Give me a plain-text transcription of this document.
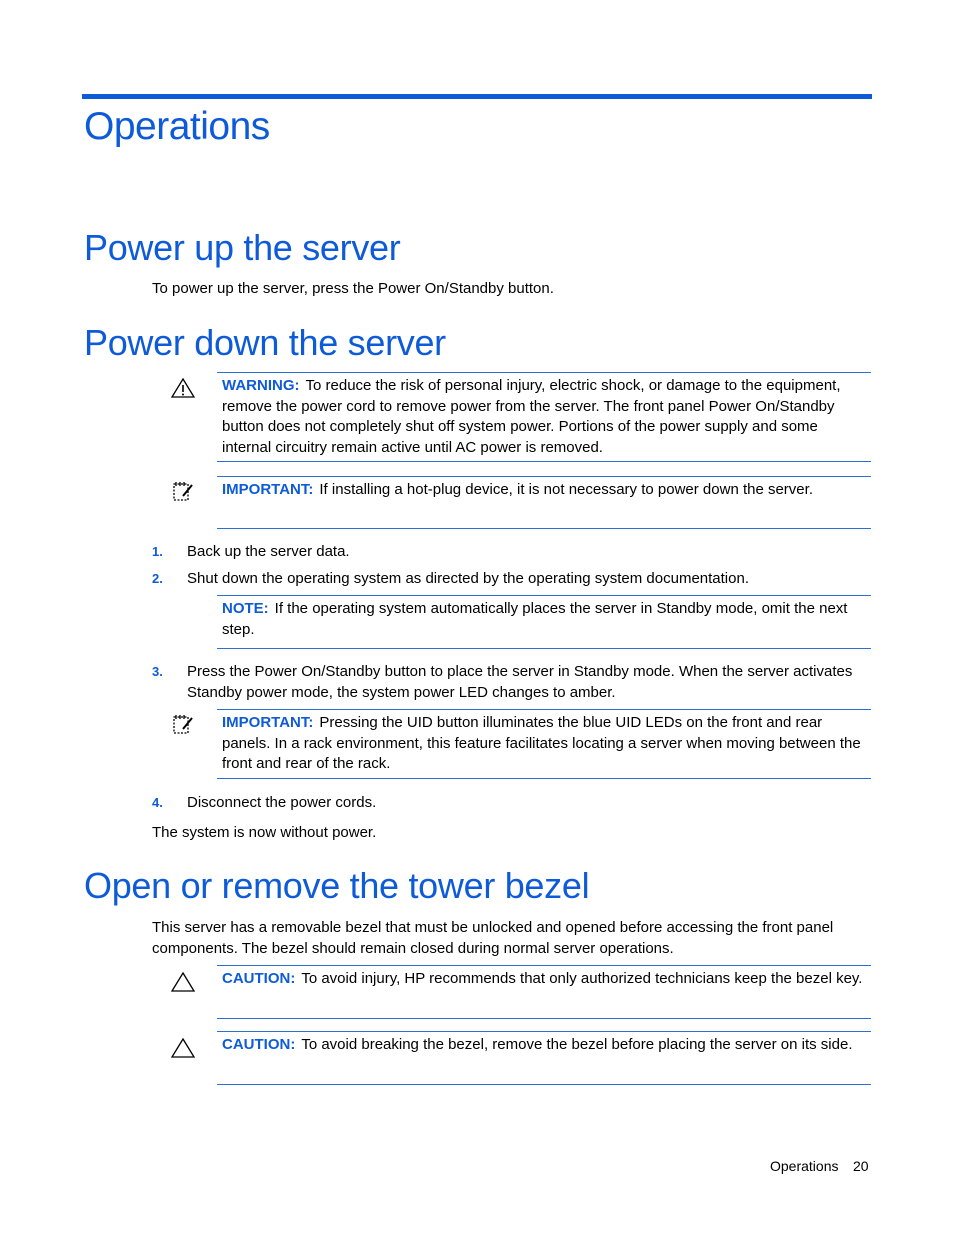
Operations
Power up the server

To power up the server, press the Power On/Standby button.

Power down the server

WARNING: To reduce the risk of personal injury, electric shock, or damage to the equipment, remove the power cord to remove power from the server. The front panel Power On/Standby button does not completely shut off system power. Portions of the power supply and some internal circuitry remain active until AC power is removed.

IMPORTANT: If installing a hot-plug device, it is not necessary to power down the server.

1. Back up the server data.

2. Shut down the operating system as directed by the operating system documentation.

NOTE: If the operating system automatically places the server in Standby mode, omit the next step.

3. Press the Power On/Standby button to place the server in Standby mode. When the server activates Standby power mode, the system power LED changes to amber.

IMPORTANT: Pressing the UID button illuminates the blue UID LEDs on the front and rear panels. In a rack environment, this feature facilitates locating a server when moving between the front and rear of the rack.

4. Disconnect the power cords.

The system is now without power.

Open or remove the tower bezel

This server has a removable bezel that must be unlocked and opened before accessing the front panel components. The bezel should remain closed during normal server operations.

CAUTION: To avoid injury, HP recommends that only authorized technicians keep the bezel key.

CAUTION: To avoid breaking the bezel, remove the bezel before placing the server on its side.

Operations 20
